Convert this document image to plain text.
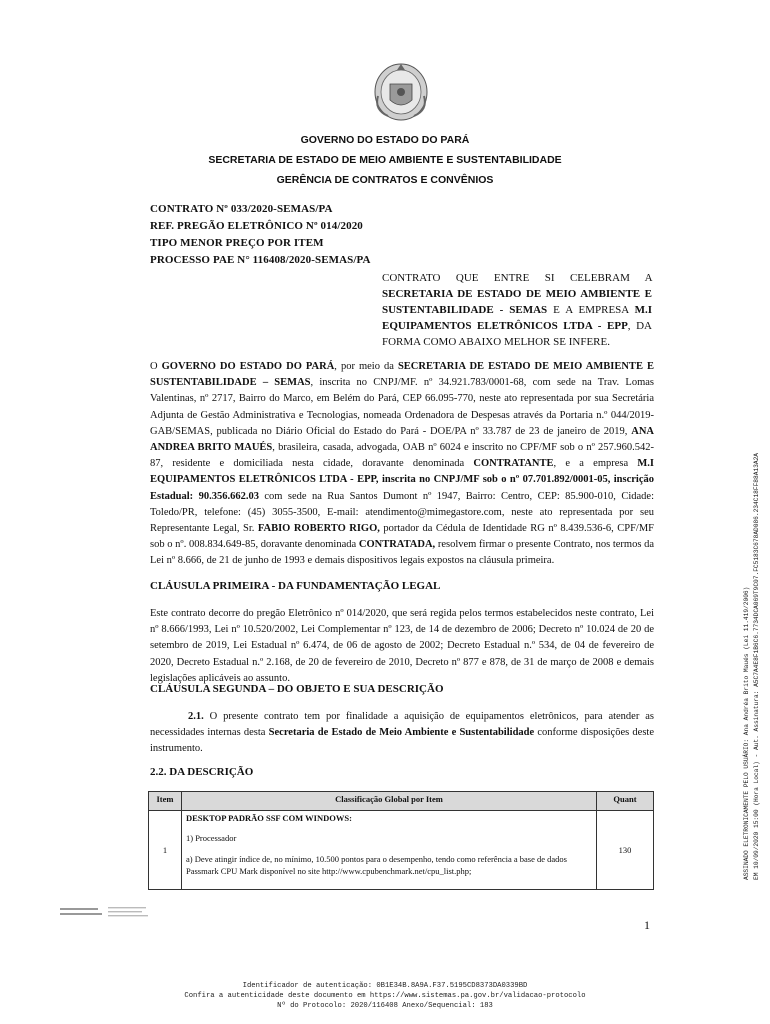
GOVERNO DO ESTADO DO PARÁ
SECRETARIA DE ESTADO DE MEIO AMBIENTE E SUSTENTABILIDADE
GERÊNCIA DE CONTRATOS E CONVÊNIOS
CONTRATO Nº 033/2020-SEMAS/PA
REF. PREGÃO ELETRÔNICO Nº 014/2020
TIPO MENOR PREÇO POR ITEM
PROCESSO PAE N° 116408/2020-SEMAS/PA
CONTRATO QUE ENTRE SI CELEBRAM A SECRETARIA DE ESTADO DE MEIO AMBIENTE E SUSTENTABILIDADE - SEMAS E A EMPRESA M.I EQUIPAMENTOS ELETRÔNICOS LTDA - EPP, DA FORMA COMO ABAIXO MELHOR SE INFERE.
O GOVERNO DO ESTADO DO PARÁ, por meio da SECRETARIA DE ESTADO DE MEIO AMBIENTE E SUSTENTABILIDADE – SEMAS, inscrita no CNPJ/MF. nº 34.921.783/0001-68, com sede na Trav. Lomas Valentinas, nº 2717, Bairro do Marco, em Belém do Pará, CEP 66.095-770, neste ato representada por sua Secretária Adjunta de Gestão Administrativa e Tecnologias, nomeada Ordenadora de Despesas através da Portaria n.º 044/2019-GAB/SEMAS, publicada no Diário Oficial do Estado do Pará - DOE/PA nº 33.787 de 23 de janeiro de 2019, ANA ANDREA BRITO MAUÉS, brasileira, casada, advogada, OAB nº 6024 e inscrito no CPF/MF sob o nº 257.960.542-87, residente e domiciliada nesta cidade, doravante denominada CONTRATANTE, e a empresa M.I EQUIPAMENTOS ELETRÔNICOS LTDA - EPP, inscrita no CNPJ/MF sob o nº 07.701.892/0001-05, inscrição Estadual: 90.356.662.03 com sede na Rua Santos Dumont nº 1947, Bairro: Centro, CEP: 85.900-010, Cidade: Toledo/PR, telefone: (45) 3055-3500, E-mail: atendimento@mimegastore.com, neste ato representada por seu Representante Legal, Sr. FABIO ROBERTO RIGO, portador da Cédula de Identidade RG nº 8.439.536-6, CPF/MF sob o nº. 008.834.649-85, doravante denominada CONTRATADA, resolvem firmar o presente Contrato, nos termos da Lei nº 8.666, de 21 de junho de 1993 e demais dispositivos legais expostos na cláusula primeira.
CLÁUSULA PRIMEIRA - DA FUNDAMENTAÇÃO LEGAL
Este contrato decorre do pregão Eletrônico nº 014/2020, que será regida pelos termos estabelecidos neste contrato, Lei nº 8.666/1993, Lei nº 10.520/2002, Lei Complementar nº 123, de 14 de dezembro de 2006; Decreto nº 10.024 de 20 de setembro de 2019, Lei Estadual nº 6.474, de 06 de agosto de 2002; Decreto Estadual n.º 534, de 04 de fevereiro de 2020, Decreto Estadual n.º 2.168, de 20 de fevereiro de 2010, Decreto nº 877 e 878, de 31 de março de 2008 e demais legislações aplicáveis ao assunto.
CLÁUSULA SEGUNDA – DO OBJETO E SUA DESCRIÇÃO
2.1. O presente contrato tem por finalidade a aquisição de equipamentos eletrônicos, para atender as necessidades internas desta Secretaria de Estado de Meio Ambiente e Sustentabilidade conforme disposições deste instrumento.
2.2. DA DESCRIÇÃO
Item	Classificação Global por Item	Quant
1	DESKTOP PADRÃO SSF COM WINDOWS:
1) Processador
a) Deve atingir índice de, no mínimo, 10.500 pontos para o desempenho, tendo como referência a base de dados Passmark CPU Mark disponível no site http://www.cpubenchmark.net/cpu_list.php;	130	ASSINADO ELETRONICAMENTE PELO USUÁRIO: Ana Andréa Brito Maués (Lei 11.419/2006) EM 10/09/2020 15:00 (Hora Local) - Aut. Assinatura: A5C7A4E8F1B6C6.7734DCA069T9C07.FC5183C678AD086.234C18FF88A13A2A
1
Identificador de autenticação: 0B1E34B.8A9A.F37.5195CD8373DA0339BD
Confira a autenticidade deste documento em https://www.sistemas.pa.gov.br/validacao-protocolo
Nº do Protocolo: 2020/116408 Anexo/Sequencial: 183
